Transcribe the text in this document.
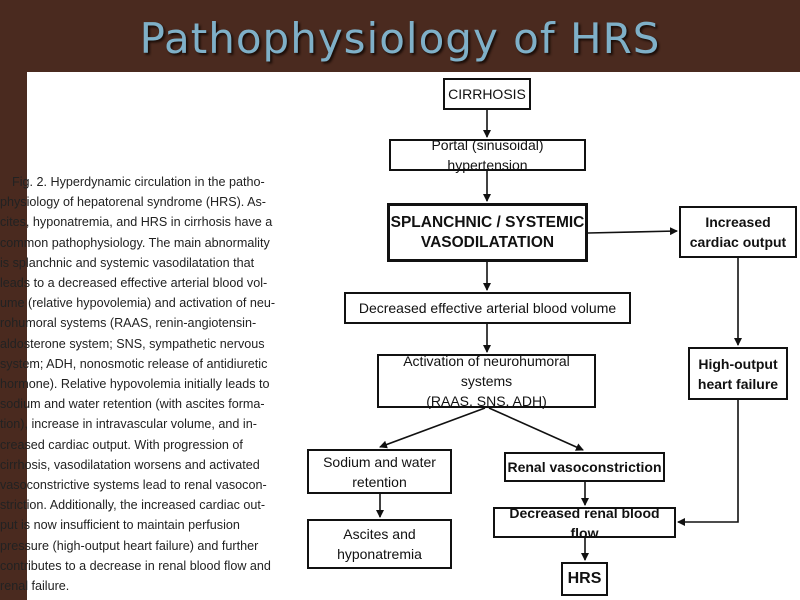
Pathophysiology of HRS
Fig. 2. Hyperdynamic circulation in the patho-
physiology of hepatorenal syndrome (HRS). As-
cites, hyponatremia, and HRS in cirrhosis have a
common pathophysiology. The main abnormality
is splanchnic and systemic vasodilatation that
leads to a decreased effective arterial blood vol-
ume (relative hypovolemia) and activation of neu-
rohumoral systems (RAAS, renin-angiotensin-
aldosterone system; SNS, sympathetic nervous
system; ADH, nonosmotic release of antidiuretic
hormone). Relative hypovolemia initially leads to
sodium and water retention (with ascites forma-
tion), increase in intravascular volume, and in-
creased cardiac output. With progression of
cirrhosis, vasodilatation worsens and activated
vasoconstrictive systems lead to renal vasocon-
striction. Additionally, the increased cardiac out-
put is now insufficient to maintain perfusion
pressure (high-output heart failure) and further
contributes to a decrease in renal blood flow and
renal failure.
CIRRHOSIS
Portal (sinusoidal) hypertension
SPLANCHNIC / SYSTEMIC
VASODILATATION
Increased
cardiac output
Decreased effective arterial blood volume
Activation of neurohumoral systems
(RAAS, SNS, ADH)
High-output
heart failure
Sodium and water
retention
Renal vasoconstriction
Decreased renal blood flow
Ascites and
hyponatremia
HRS
